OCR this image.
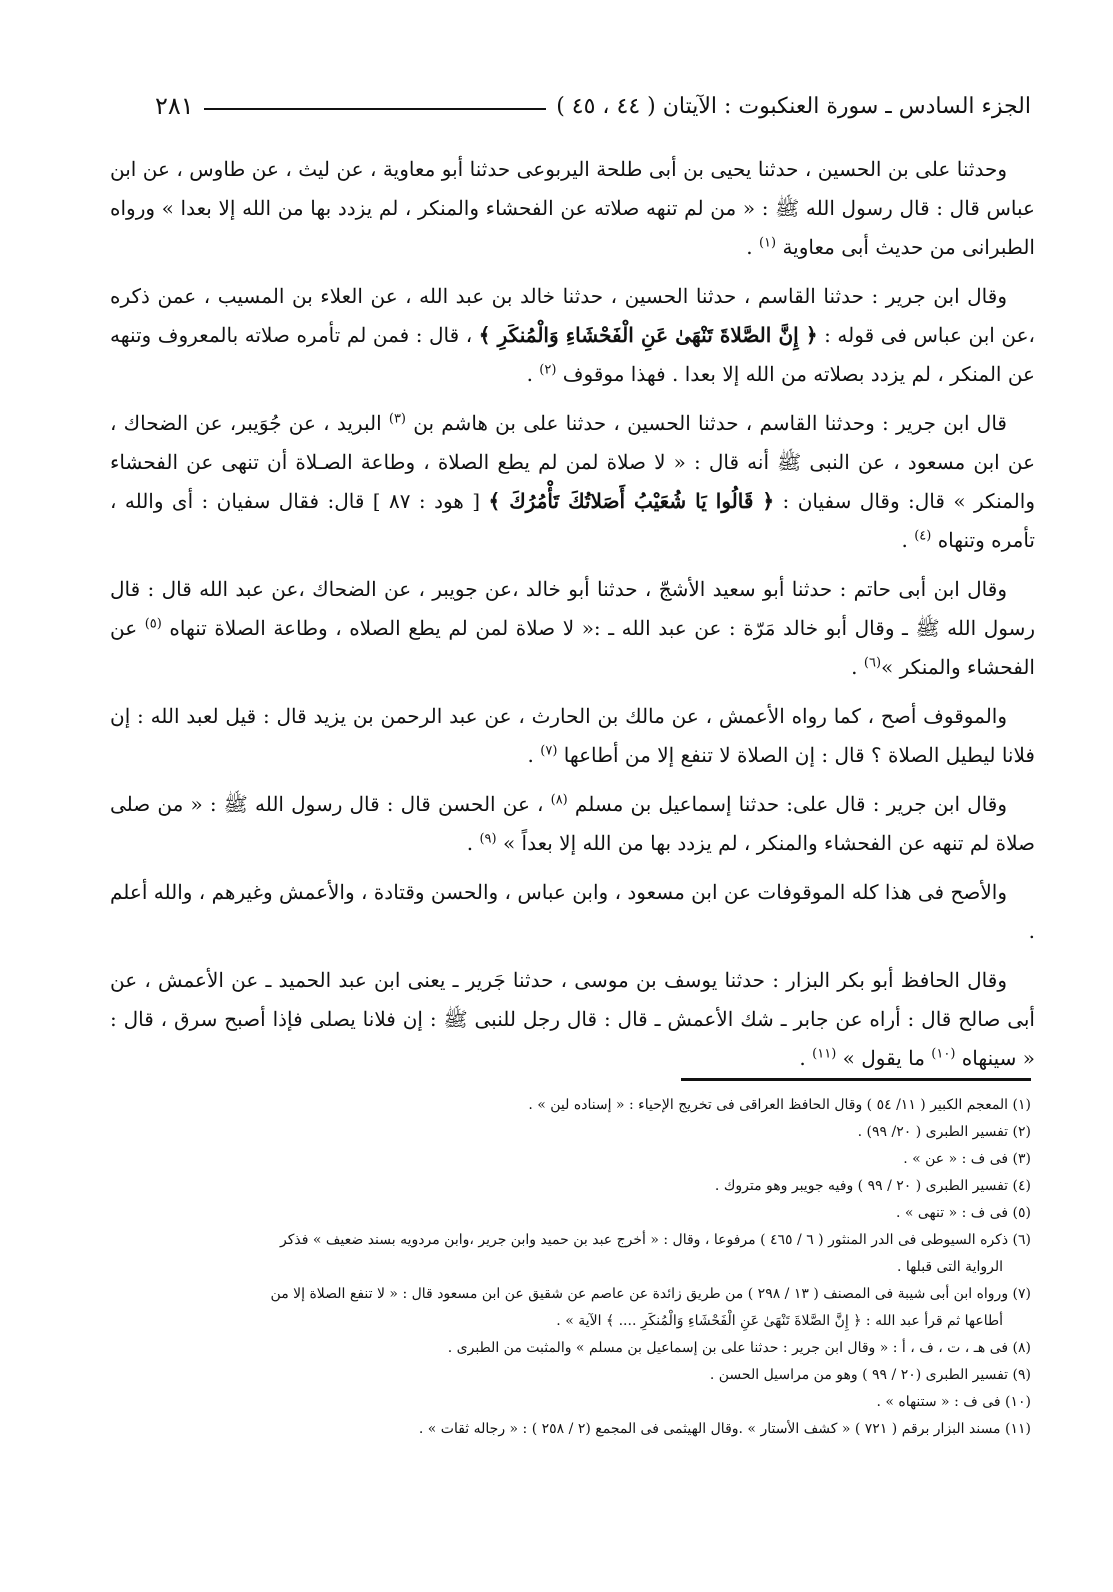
الجزء السادس ـ سورة العنكبوت : الآيتان ( ٤٤ ، ٤٥ )
٢٨١

وحدثنا على بن الحسين ، حدثنا يحيى بن أبى طلحة اليربوعى حدثنا أبو معاوية ، عن ليث ، عن طاوس ، عن ابن عباس قال : قال رسول الله ﷺ : « من لم تنهه صلاته عن الفحشاء والمنكر ، لم يزدد بها من الله إلا بعدا » ورواه الطبرانى من حديث أبى معاوية $^{(١)}$ .

وقال ابن جرير : حدثنا القاسم ، حدثنا الحسين ، حدثنا خالد بن عبد الله ، عن العلاء بن المسيب ، عمن ذكره ،عن ابن عباس فى قوله : ﴿ إِنَّ الصَّلاةَ تَنْهَىٰ عَنِ الْفَحْشَاءِ وَالْمُنكَرِ ﴾ ، قال : فمن لم تأمره صلاته بالمعروف وتنهه عن المنكر ، لم يزدد بصلاته من الله إلا بعدا . فهذا موقوف $^{(٢)}$ .

قال ابن جرير : وحدثنا القاسم ، حدثنا الحسين ، حدثنا على بن هاشم بن $^{(٣)}$ البريد ، عن جُوَيبر، عن الضحاك ، عن ابن مسعود ، عن النبى ﷺ أنه قال : « لا صلاة لمن لم يطع الصلاة ، وطاعة الصـلاة أن تنهى عن الفحشاء والمنكر » قال: وقال سفيان : ﴿ قَالُوا يَا شُعَيْبُ أَصَلاتُكَ تَأْمُرُكَ ﴾ [ هود : ٨٧ ] قال: فقال سفيان : أى والله ، تأمره وتنهاه $^{(٤)}$ .

وقال ابن أبى حاتم : حدثنا أبو سعيد الأشجّ ، حدثنا أبو خالد ،عن جويبر ، عن الضحاك ،عن عبد الله قال : قال رسول الله ﷺ ـ وقال أبو خالد مَرّة : عن عبد الله ـ :« لا صلاة لمن لم يطع الصلاه ، وطاعة الصلاة تنهاه $^{(٥)}$ عن الفحشاء والمنكر »$^{(٦)}$ .

والموقوف أصح ، كما رواه الأعمش ، عن مالك بن الحارث ، عن عبد الرحمن بن يزيد قال : قيل لعبد الله : إن فلانا ليطيل الصلاة ؟ قال : إن الصلاة لا تنفع إلا من أطاعها $^{(٧)}$ .

وقال ابن جرير : قال على: حدثنا إسماعيل بن مسلم $^{(٨)}$ ، عن الحسن قال : قال رسول الله ﷺ : « من صلى صلاة لم تنهه عن الفحشاء والمنكر ، لم يزدد بها من الله إلا بعداً » $^{(٩)}$ .

والأصح فى هذا كله الموقوفات عن ابن مسعود ، وابن عباس ، والحسن وقتادة ، والأعمش وغيرهم ، والله أعلم .

وقال الحافظ أبو بكر البزار : حدثنا يوسف بن موسى ، حدثنا جَرير ـ يعنى ابن عبد الحميد ـ عن الأعمش ، عن أبى صالح قال : أراه عن جابر ـ شك الأعمش ـ قال : قال رجل للنبى ﷺ : إن فلانا يصلى فإذا أصبح سرق ، قال : « سينهاه $^{(١٠)}$ ما يقول » $^{(١١)}$ .

(١) المعجم الكبير ( ١١/ ٥٤ ) وقال الحافظ العراقى فى تخريج الإحياء : « إسناده لين » .

(٢) تفسير الطبرى ( ٢٠/ ٩٩) .

(٣) فى ف : « عن » .

(٤) تفسير الطبرى ( ٢٠ / ٩٩ ) وفيه جويبر وهو متروك .

(٥) فى ف : « تنهى » .

(٦) ذكره السيوطى فى الدر المنثور ( ٦ / ٤٦٥ ) مرفوعا ، وقال : « أخرج عبد بن حميد وابن جرير ،وابن مردويه بسند ضعيف » فذكر
الرواية التى قبلها .

(٧) ورواه ابن أبى شيبة فى المصنف ( ١٣ / ٢٩٨ ) من طريق زائدة عن عاصم عن شقيق عن ابن مسعود قال : « لا تنفع الصلاة إلا من
أطاعها ثم قرأ عبد الله : ﴿ إِنَّ الصَّلاةَ تَنْهَىٰ عَنِ الْفَحْشَاءِ وَالْمُنكَرِ .... ﴾ الآية » .

(٨) فى هـ ، ت ، ف ، أ : « وقال ابن جرير : حدثنا على بن إسماعيل بن مسلم » والمثبت من الطبرى .

(٩) تفسير الطبرى (٢٠ / ٩٩ ) وهو من مراسيل الحسن .

(١٠) فى ف : « ستنهاه » .

(١١) مسند البزار برقم ( ٧٢١ ) « كشف الأستار » .وقال الهيثمى فى المجمع (٢ / ٢٥٨ ) : « رجاله ثقات » .
